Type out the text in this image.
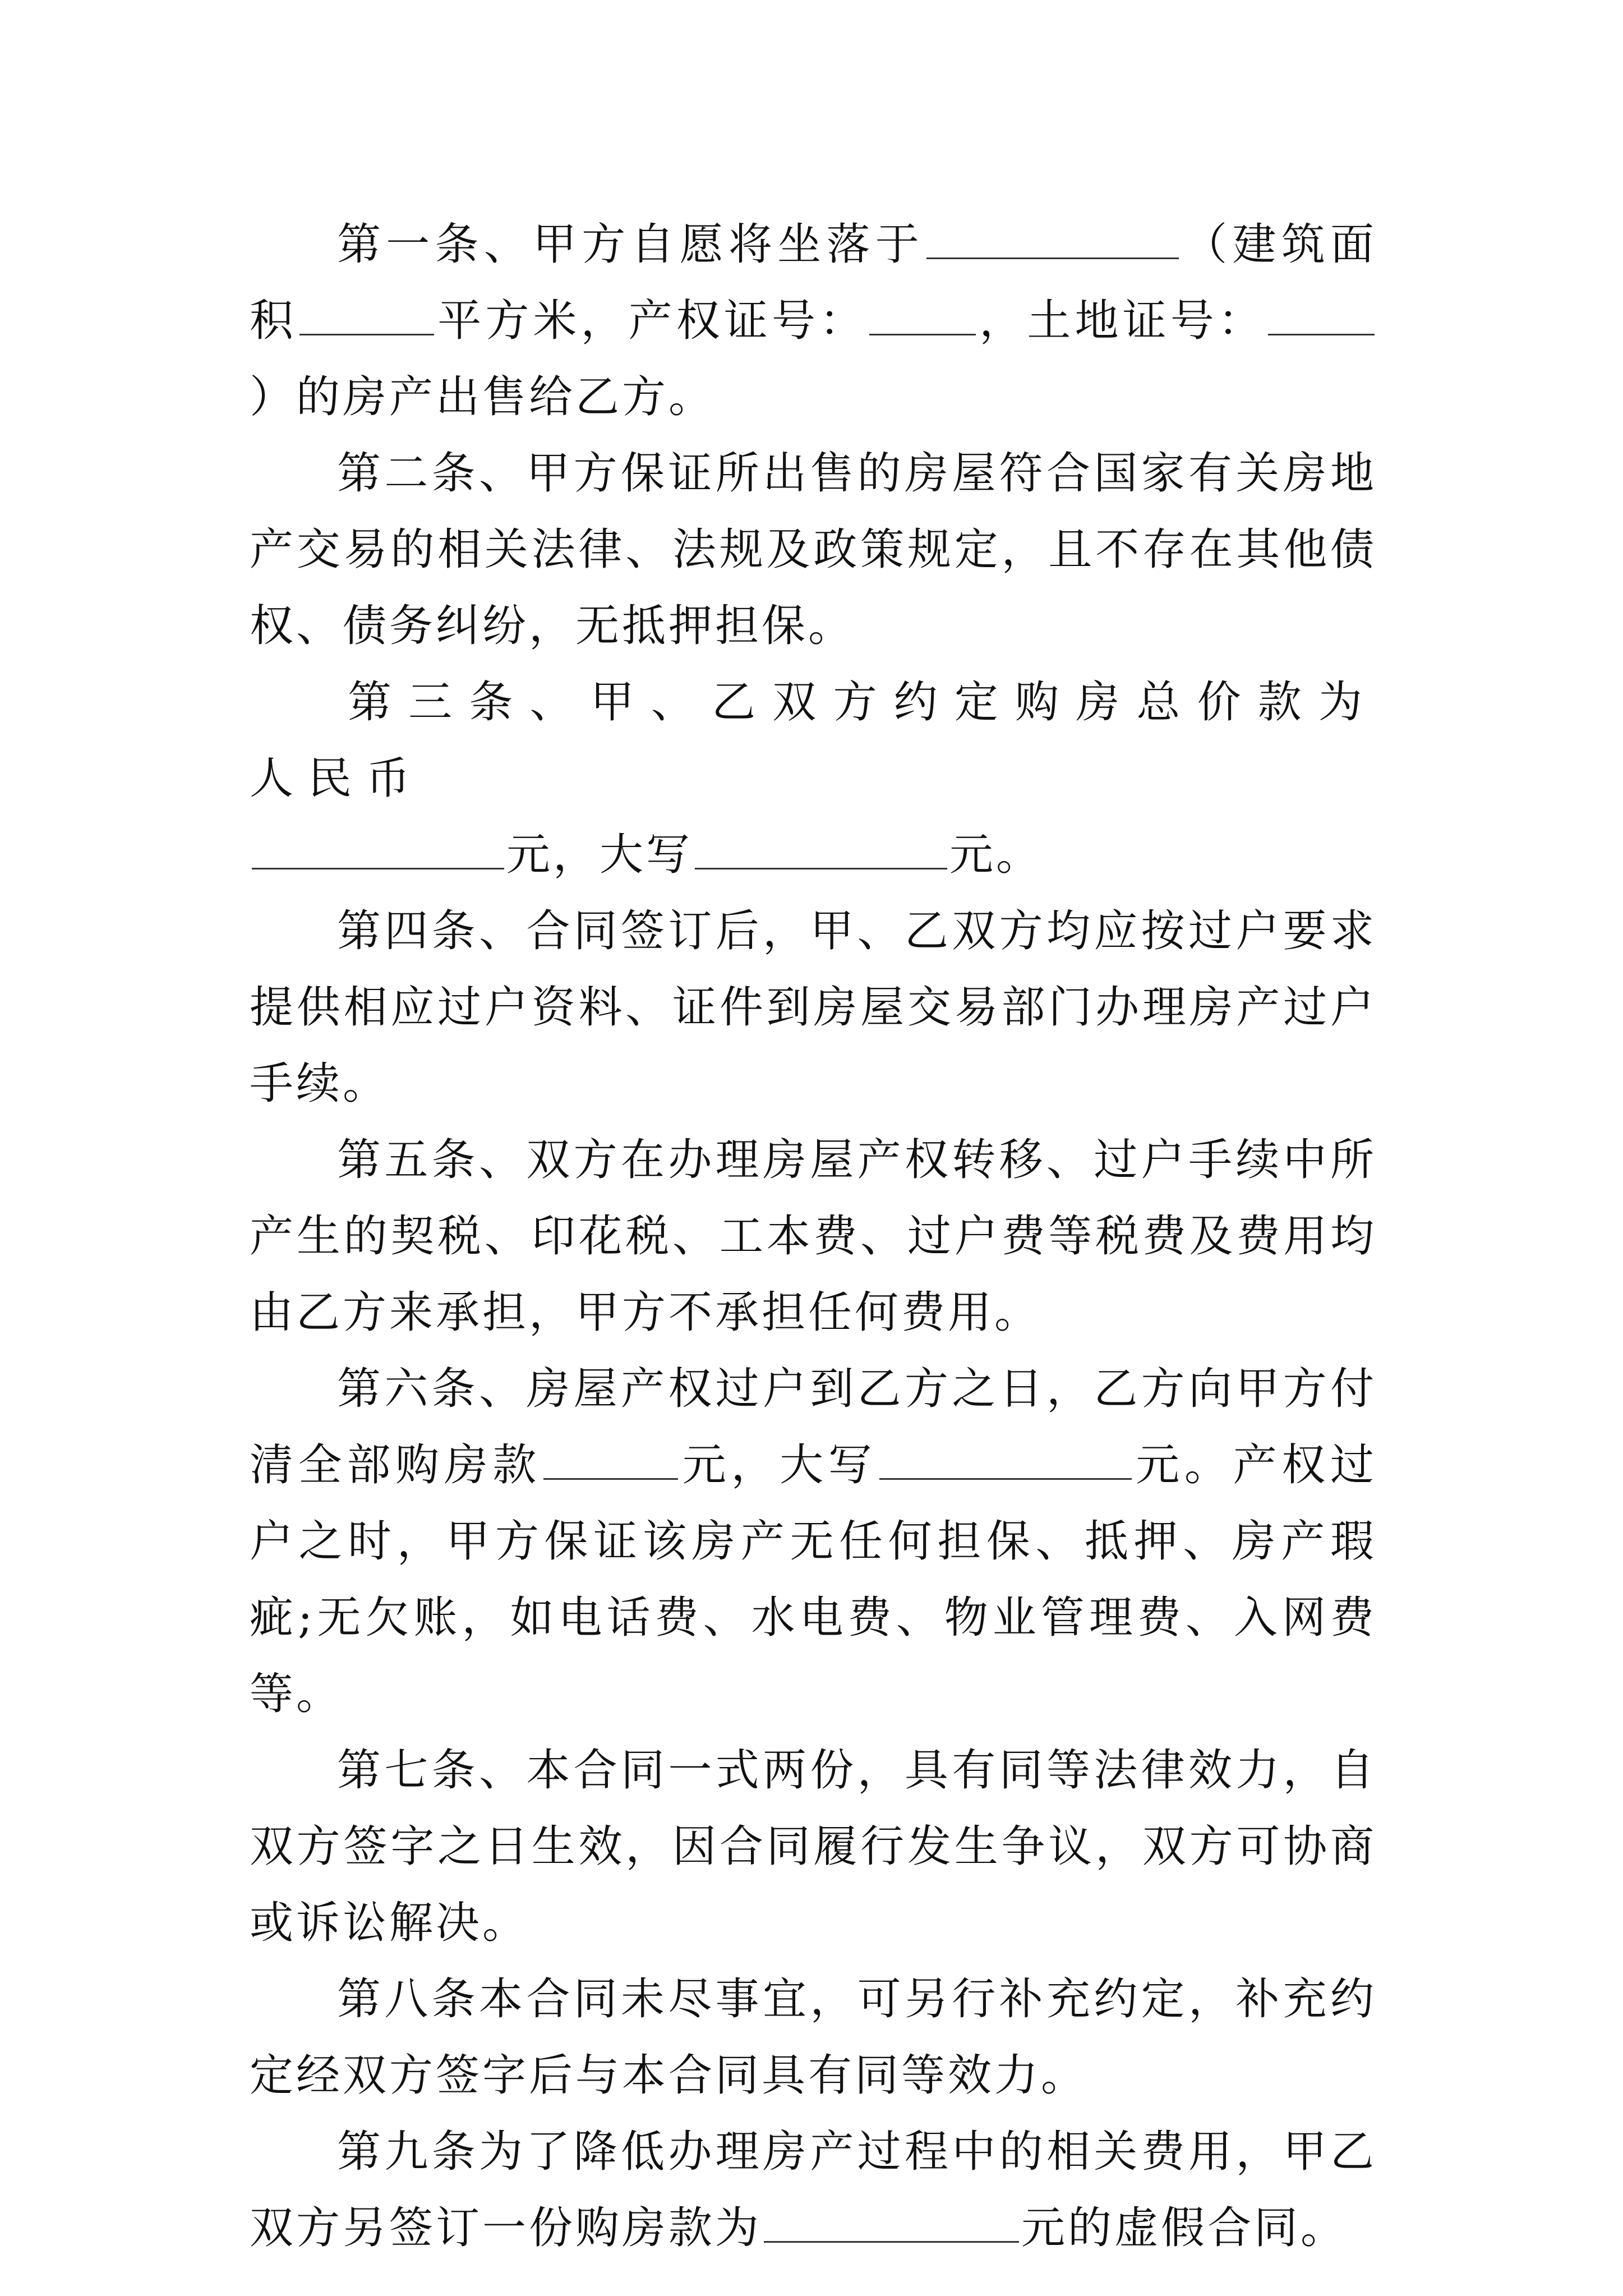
第一条、甲方自愿将坐落于	（建筑面积	平方米，产权证号：	，土地证号：）的房产出售给乙方。

第二条、甲方保证所出售的房屋符合国家有关房地产交易的相关法律、法规及政策规定，且不存在其他债权、债务纠纷，无抵押担保。

第三条、甲、乙双方约定购房总价款为人民币

元，大写	元。

第四条、合同签订后，甲、乙双方均应按过户要求提供相应过户资料、证件到房屋交易部门办理房产过户手续。

第五条、双方在办理房屋产权转移、过户手续中所产生的契税、印花税、工本费、过户费等税费及费用均由乙方来承担，甲方不承担任何费用。

第六条、房屋产权过户到乙方之日，乙方向甲方付清全部购房款	元，大写	元。产权过户之时，甲方保证该房产无任何担保、抵押、房产瑕疵;无欠账，如电话费、水电费、物业管理费、入网费等。

第七条、本合同一式两份，具有同等法律效力，自双方签字之日生效，因合同履行发生争议，双方可协商或诉讼解决。

第八条本合同未尽事宜，可另行补充约定，补充约定经双方签字后与本合同具有同等效力。

第九条为了降低办理房产过程中的相关费用，甲乙双方另签订一份购房款为	元的虚假合同。
